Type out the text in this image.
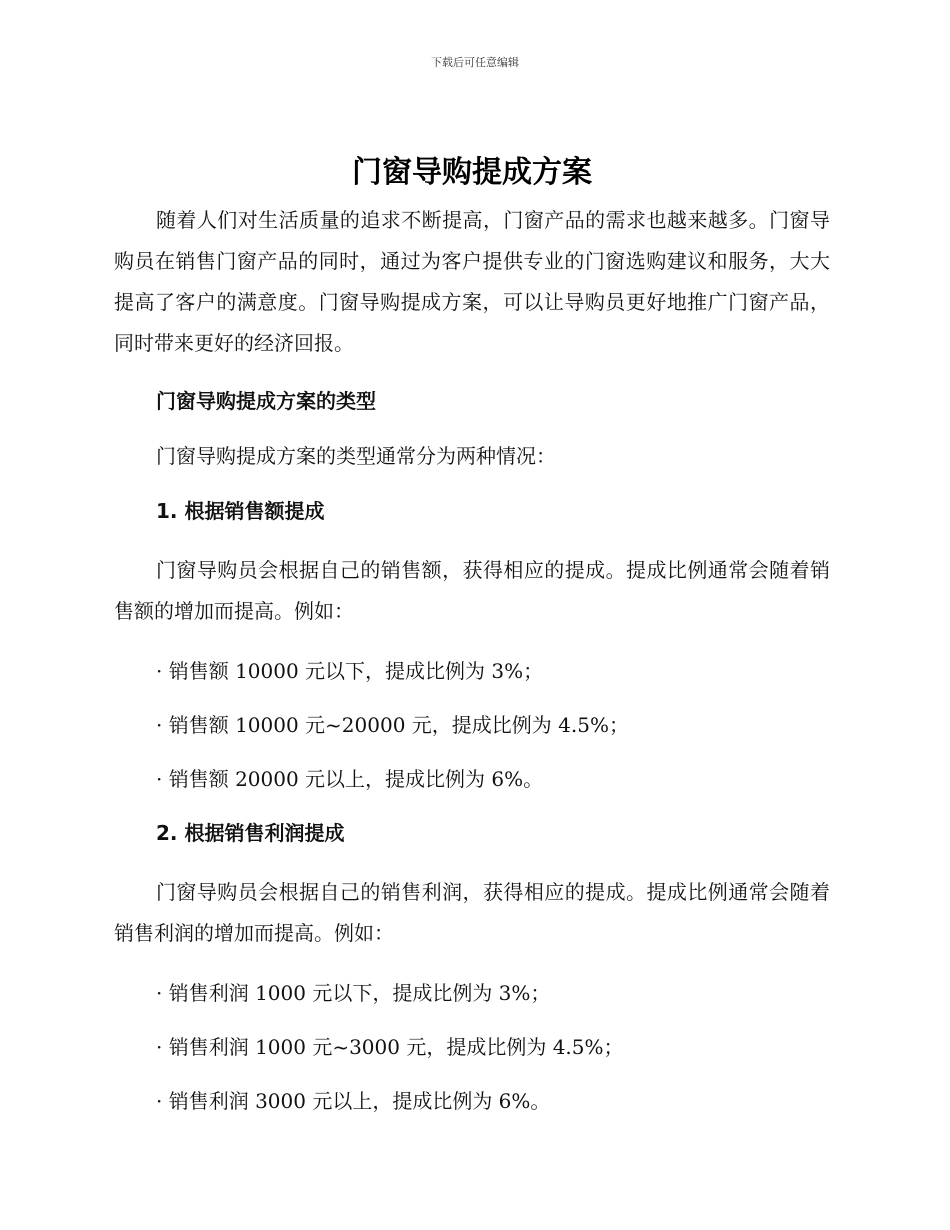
下载后可任意编辑
门窗导购提成方案

随着人们对生活质量的追求不断提高，门窗产品的需求也越来越多。门窗导购员在销售门窗产品的同时，通过为客户提供专业的门窗选购建议和服务，大大提高了客户的满意度。门窗导购提成方案，可以让导购员更好地推广门窗产品，同时带来更好的经济回报。

门窗导购提成方案的类型

门窗导购提成方案的类型通常分为两种情况：

1. 根据销售额提成

门窗导购员会根据自己的销售额，获得相应的提成。提成比例通常会随着销售额的增加而提高。例如：

· 销售额 10000 元以下，提成比例为 3%；

· 销售额 10000 元~20000 元，提成比例为 4.5%；

· 销售额 20000 元以上，提成比例为 6%。

2. 根据销售利润提成

门窗导购员会根据自己的销售利润，获得相应的提成。提成比例通常会随着销售利润的增加而提高。例如：

· 销售利润 1000 元以下，提成比例为 3%；

· 销售利润 1000 元~3000 元，提成比例为 4.5%；

· 销售利润 3000 元以上，提成比例为 6%。
